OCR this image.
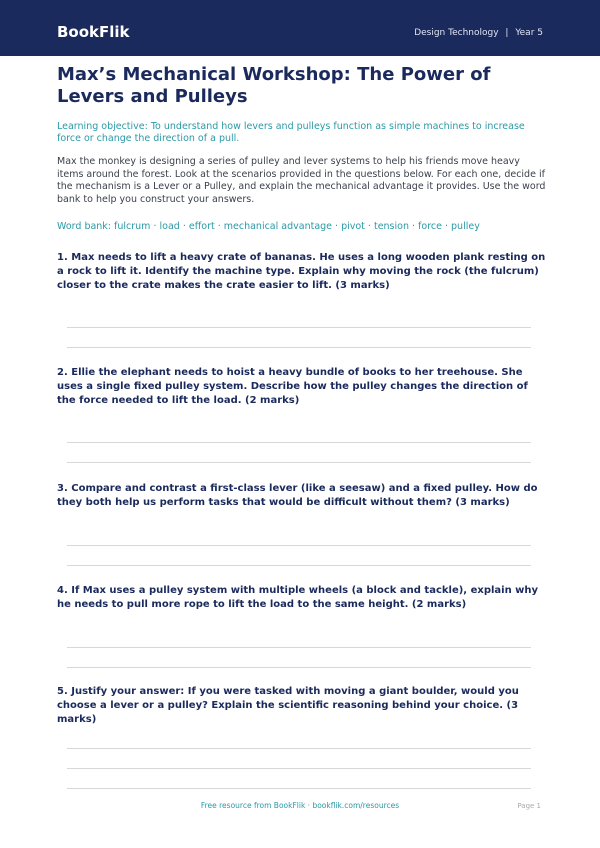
BookFlik	Design Technology | Year 5
Max’s Mechanical Workshop: The Power of Levers and Pulleys
Learning objective: To understand how levers and pulleys function as simple machines to increase force or change the direction of a pull.
Max the monkey is designing a series of pulley and lever systems to help his friends move heavy items around the forest. Look at the scenarios provided in the questions below. For each one, decide if the mechanism is a Lever or a Pulley, and explain the mechanical advantage it provides. Use the word bank to help you construct your answers.
Word bank: fulcrum · load · effort · mechanical advantage · pivot · tension · force · pulley

1. Max needs to lift a heavy crate of bananas. He uses a long wooden plank resting on a rock to lift it. Identify the machine type. Explain why moving the rock (the fulcrum) closer to the crate makes the crate easier to lift. (3 marks)

2. Ellie the elephant needs to hoist a heavy bundle of books to her treehouse. She uses a single fixed pulley system. Describe how the pulley changes the direction of the force needed to lift the load. (2 marks)

3. Compare and contrast a first-class lever (like a seesaw) and a fixed pulley. How do they both help us perform tasks that would be difficult without them? (3 marks)

4. If Max uses a pulley system with multiple wheels (a block and tackle), explain why he needs to pull more rope to lift the load to the same height. (2 marks)

5. Justify your answer: If you were tasked with moving a giant boulder, would you choose a lever or a pulley? Explain the scientific reasoning behind your choice. (3 marks)

Free resource from BookFlik · bookflik.com/resources	Page 1
